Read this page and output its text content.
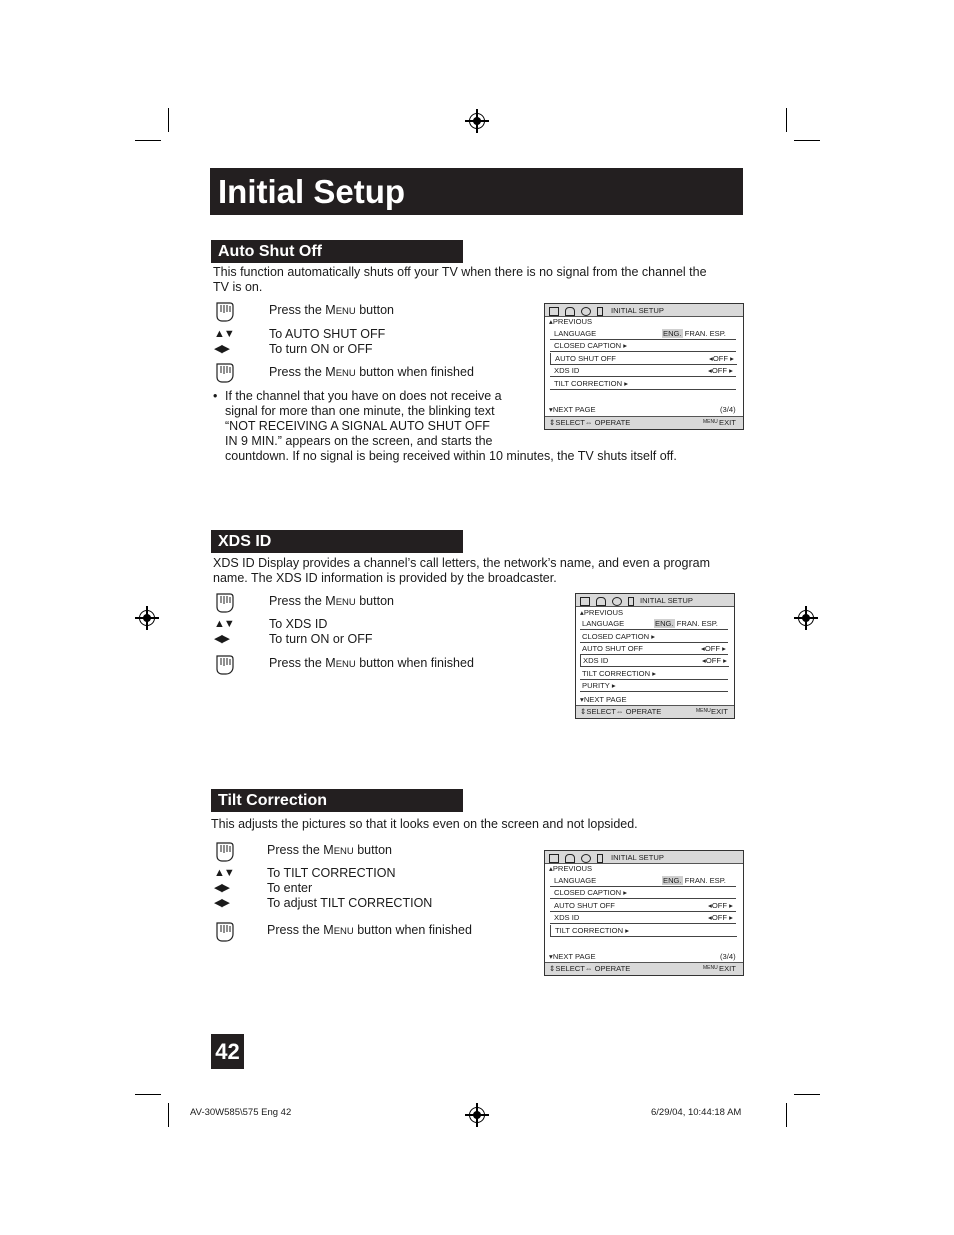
Initial Setup
Auto Shut Off
This function automatically shuts off your TV when there is no signal from the channel the
TV is on.
Press the MENU button
▲▼	To AUTO SHUT OFF
◀▶	To turn ON or OFF
Press the MENU button when finished
• If the channel that you have on does not receive a
signal for more than one minute, the blinking text
“NOT RECEIVING A SIGNAL AUTO SHUT OFF
IN 9 MIN.” appears on the screen, and starts the
countdown. If no signal is being received within 10 minutes, the TV shuts itself off.
INITIAL SETUP
▴PREVIOUS
LANGUAGE	ENG. FRAN. ESP.
CLOSED CAPTION ▸
AUTO SHUT OFF	◂OFF ▸
XDS ID	◂OFF ▸
TILT CORRECTION ▸
▾NEXT PAGE	(3/4)
⇕SELECT⇔ OPERATE	MENU EXIT
XDS ID
XDS ID Display provides a channel’s call letters, the network’s name, and even a program
name. The XDS ID information is provided by the broadcaster.
Press the MENU button
▲▼	To XDS ID
◀▶	To turn ON or OFF
Press the MENU button when finished
INITIAL SETUP
▴PREVIOUS
LANGUAGE	ENG. FRAN. ESP.
CLOSED CAPTION ▸
AUTO SHUT OFF	◂OFF ▸
XDS ID	◂OFF ▸
TILT CORRECTION ▸
PURITY ▸
▾NEXT PAGE
⇕SELECT⇔ OPERATE	MENU EXIT
Tilt Correction
This adjusts the pictures so that it looks even on the screen and not lopsided.
Press the MENU button
▲▼	To TILT CORRECTION
◀▶	To enter
◀▶	To adjust TILT CORRECTION
Press the MENU button when finished
INITIAL SETUP
▴PREVIOUS
LANGUAGE	ENG. FRAN. ESP.
CLOSED CAPTION ▸
AUTO SHUT OFF	◂OFF ▸
XDS ID	◂OFF ▸
TILT CORRECTION ▸
▾NEXT PAGE	(3/4)
⇕SELECT⇔ OPERATE	MENU EXIT
42
AV-30W585\575 Eng 42	6/29/04, 10:44:18 AM
